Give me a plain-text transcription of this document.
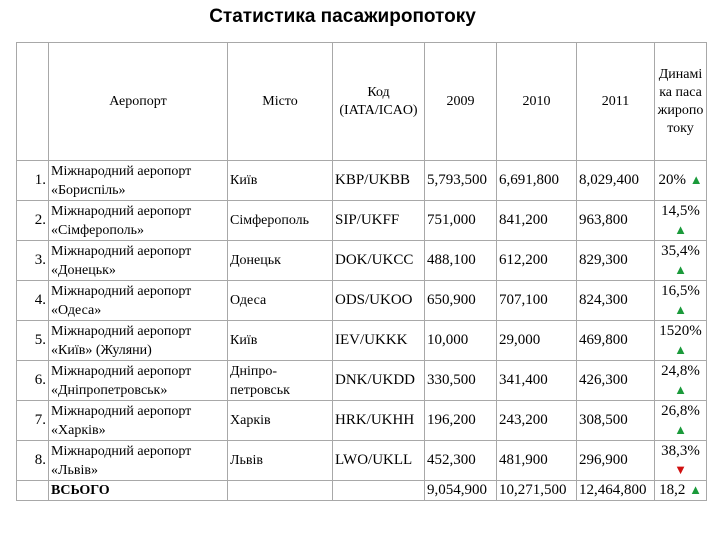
Статистика пасажиропотоку
	Аеропорт	Місто	Код (IATA/ICAO)	2009	2010	2011	Динаміка пасажиропотоку
1.	Міжнародний аеропорт «Бориспіль»	Київ	KBP/UKBB	5,793,500	6,691,800	8,029,400	20% ▲
2.	Міжнародний аеропорт «Сімферополь»	Сімферополь	SIP/UKFF	751,000	841,200	963,800	14,5% ▲
3.	Міжнародний аеропорт «Донецьк»	Донецьк	DOK/UKCC	488,100	612,200	829,300	35,4% ▲
4.	Міжнародний аеропорт «Одеса»	Одеса	ODS/UKOO	650,900	707,100	824,300	16,5% ▲
5.	Міжнародний аеропорт «Київ» (Жуляни)	Київ	IEV/UKKK	10,000	29,000	469,800	1520% ▲
6.	Міжнародний аеропорт «Дніпропетровськ»	Дніпро-петровськ	DNK/UKDD	330,500	341,400	426,300	24,8% ▲
7.	Міжнародний аеропорт «Харків»	Харків	HRK/UKHH	196,200	243,200	308,500	26,8% ▲
8.	Міжнародний аеропорт «Львів»	Львів	LWO/UKLL	452,300	481,900	296,900	38,3% ▼
	ВСЬОГО			9,054,900	10,271,500	12,464,800	18,2 ▲
